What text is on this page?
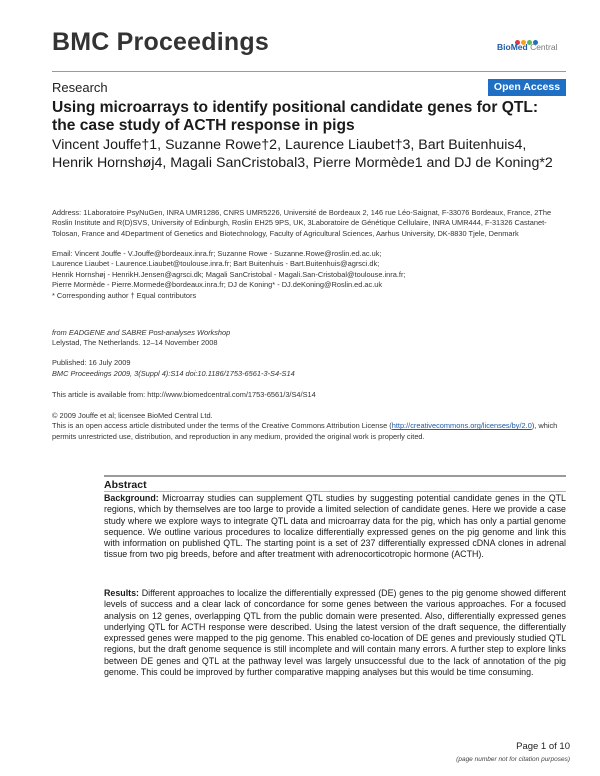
BMC Proceedings	BioMed Central
Research	Open Access
Using microarrays to identify positional candidate genes for QTL: the case study of ACTH response in pigs
Vincent Jouffe†1, Suzanne Rowe†2, Laurence Liaubet†3, Bart Buitenhuis4, Henrik Hornshøj4, Magali SanCristobal3, Pierre Mormède1 and DJ de Koning*2
Address: 1Laboratoire PsyNuGen, INRA UMR1286, CNRS UMR5226, Université de Bordeaux 2, 146 rue Léo-Saignat, F-33076 Bordeaux, France, 2The Roslin Institute and R(D)SVS, University of Edinburgh, Roslin EH25 9PS, UK, 3Laboratoire de Génétique Cellulaire, INRA UMR444, F-31326 Castanet-Tolosan, France and 4Department of Genetics and Biotechnology, Faculty of Agricultural Sciences, Aarhus University, DK-8830 Tjele, Denmark
Email: Vincent Jouffe - V.Jouffe@bordeaux.inra.fr; Suzanne Rowe - Suzanne.Rowe@roslin.ed.ac.uk;
Laurence Liaubet - Laurence.Liaubet@toulouse.inra.fr; Bart Buitenhuis - Bart.Buitenhuis@agrsci.dk;
Henrik Hornshøj - HenrikH.Jensen@agrsci.dk; Magali SanCristobal - Magali.San-Cristobal@toulouse.inra.fr;
Pierre Mormède - Pierre.Mormede@bordeaux.inra.fr; DJ de Koning* - DJ.deKoning@Roslin.ed.ac.uk
* Corresponding author † Equal contributors
from EADGENE and SABRE Post-analyses Workshop
Lelystad, The Netherlands. 12–14 November 2008
Published: 16 July 2009
BMC Proceedings 2009, 3(Suppl 4):S14 doi:10.1186/1753-6561-3-S4-S14
This article is available from: http://www.biomedcentral.com/1753-6561/3/S4/S14
© 2009 Jouffe et al; licensee BioMed Central Ltd.
This is an open access article distributed under the terms of the Creative Commons Attribution License (http://creativecommons.org/licenses/by/2.0), which permits unrestricted use, distribution, and reproduction in any medium, provided the original work is properly cited.
Abstract
Background: Microarray studies can supplement QTL studies by suggesting potential candidate genes in the QTL regions, which by themselves are too large to provide a limited selection of candidate genes. Here we provide a case study where we explore ways to integrate QTL data and microarray data for the pig, which has only a partial genome sequence. We outline various procedures to localize differentially expressed genes on the pig genome and link this with information on published QTL. The starting point is a set of 237 differentially expressed cDNA clones in adrenal tissue from two pig breeds, before and after treatment with adrenocorticotropic hormone (ACTH).
Results: Different approaches to localize the differentially expressed (DE) genes to the pig genome showed different levels of success and a clear lack of concordance for some genes between the various approaches. For a focused analysis on 12 genes, overlapping QTL from the public domain were presented. Also, differentially expressed genes underlying QTL for ACTH response were described. Using the latest version of the draft sequence, the differentially expressed genes were mapped to the pig genome. This enabled co-location of DE genes and previously studied QTL regions, but the draft genome sequence is still incomplete and will contain many errors. A further step to explore links between DE genes and QTL at the pathway level was largely unsuccessful due to the lack of annotation of the pig genome. This could be improved by further comparative mapping analyses but this would be time consuming.
Page 1 of 10
(page number not for citation purposes)
